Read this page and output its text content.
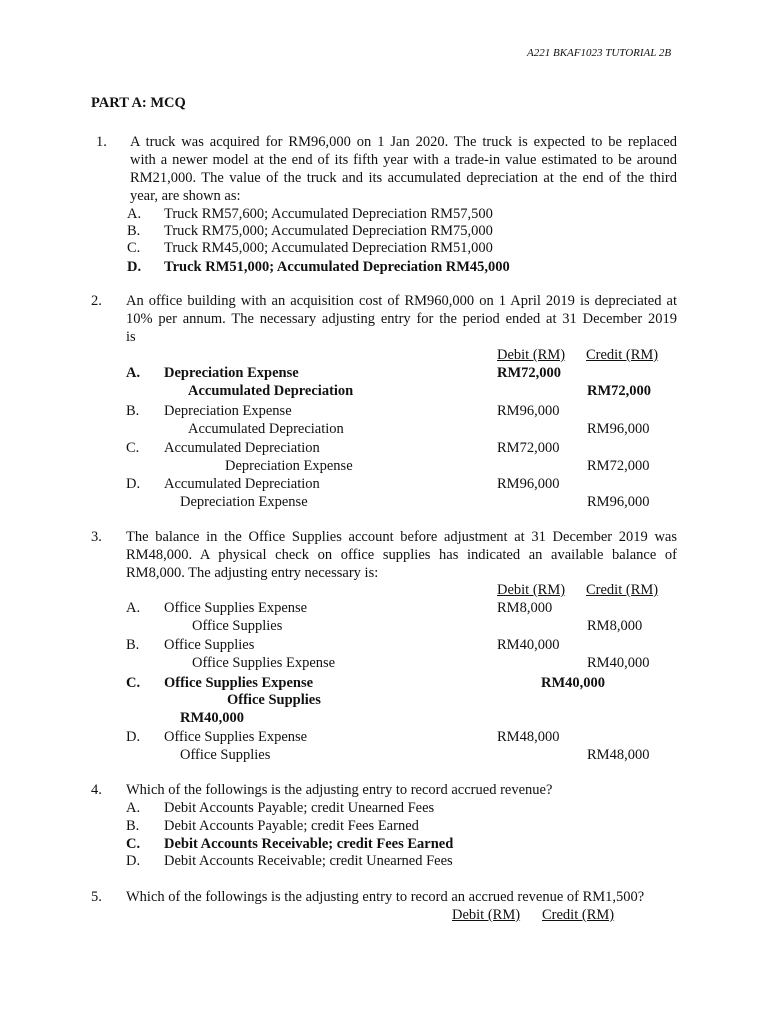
A221 BKAF1023 TUTORIAL 2B
PART A: MCQ
1. A truck was acquired for RM96,000 on 1 Jan 2020. The truck is expected to be replaced
with a newer model at the end of its fifth year with a trade-in value estimated to be around
RM21,000. The value of the truck and its accumulated depreciation at the end of the third
year, are shown as:
A. Truck RM57,600; Accumulated Depreciation RM57,500
B. Truck RM75,000; Accumulated Depreciation RM75,000
C. Truck RM45,000; Accumulated Depreciation RM51,000
D. Truck RM51,000; Accumulated Depreciation RM45,000
2. An office building with an acquisition cost of RM960,000 on 1 April 2019 is depreciated at
10% per annum. The necessary adjusting entry for the period ended at 31 December 2019
is
Debit (RM) Credit (RM)
A. Depreciation Expense	RM72,000
Accumulated Depreciation	RM72,000
B. Depreciation Expense	RM96,000
Accumulated Depreciation	RM96,000
C. Accumulated Depreciation	RM72,000
Depreciation Expense	RM72,000
D. Accumulated Depreciation	RM96,000
Depreciation Expense	RM96,000
3. The balance in the Office Supplies account before adjustment at 31 December 2019 was
RM48,000. A physical check on office supplies has indicated an available balance of
RM8,000. The adjusting entry necessary is:
Debit (RM) Credit (RM)
A. Office Supplies Expense	RM8,000
Office Supplies	RM8,000
B. Office Supplies	RM40,000
Office Supplies Expense	RM40,000
C. Office Supplies Expense	RM40,000
Office Supplies
RM40,000
D. Office Supplies Expense	RM48,000
Office Supplies	RM48,000
4. Which of the followings is the adjusting entry to record accrued revenue?
A. Debit Accounts Payable; credit Unearned Fees
B. Debit Accounts Payable; credit Fees Earned
C. Debit Accounts Receivable; credit Fees Earned
D. Debit Accounts Receivable; credit Unearned Fees
5. Which of the followings is the adjusting entry to record an accrued revenue of RM1,500?
Debit (RM) Credit (RM)
